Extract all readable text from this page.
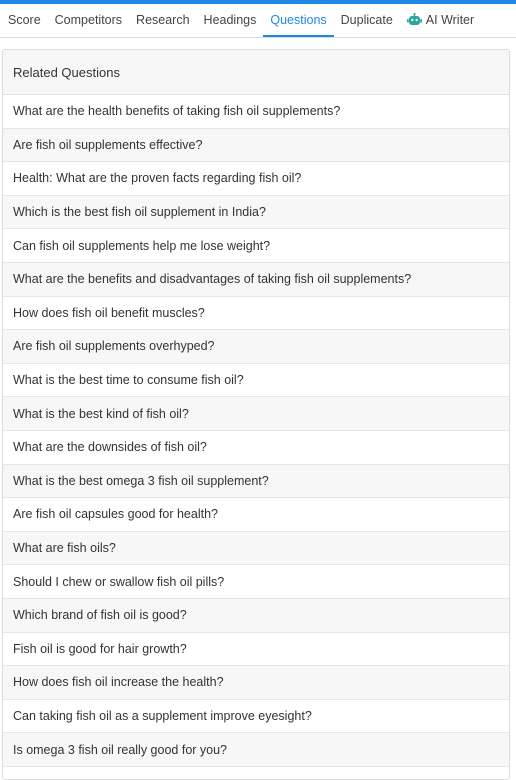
Score	Competitors	Research	Headings	Questions	Duplicate	AI Writer
Related Questions
What are the health benefits of taking fish oil supplements?
Are fish oil supplements effective?
Health: What are the proven facts regarding fish oil?
Which is the best fish oil supplement in India?
Can fish oil supplements help me lose weight?
What are the benefits and disadvantages of taking fish oil supplements?
How does fish oil benefit muscles?
Are fish oil supplements overhyped?
What is the best time to consume fish oil?
What is the best kind of fish oil?
What are the downsides of fish oil?
What is the best omega 3 fish oil supplement?
Are fish oil capsules good for health?
What are fish oils?
Should I chew or swallow fish oil pills?
Which brand of fish oil is good?
Fish oil is good for hair growth?
How does fish oil increase the health?
Can taking fish oil as a supplement improve eyesight?
Is omega 3 fish oil really good for you?
